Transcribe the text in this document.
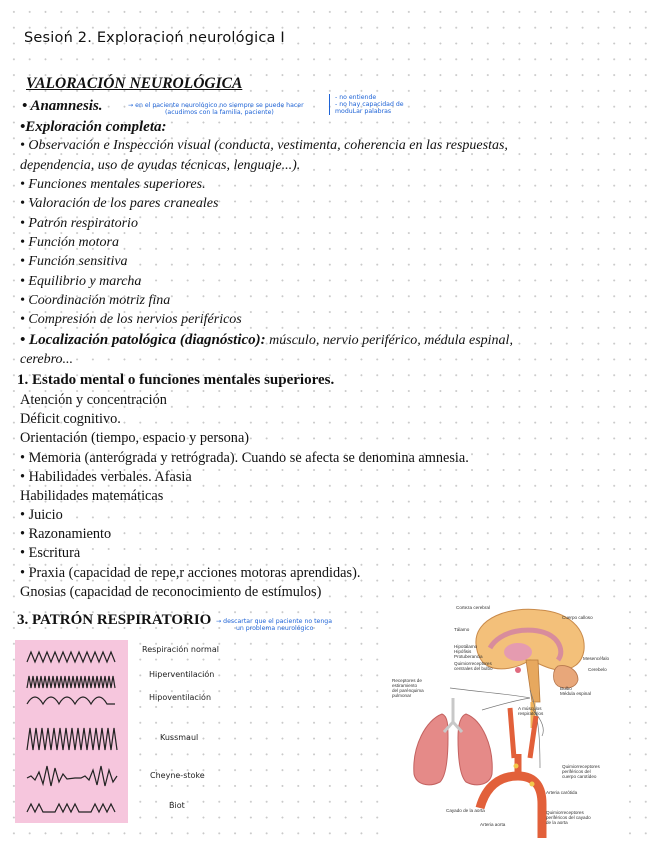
Sesioń 2. Exploracioń neurológica I
VALORACIÓN NEUROLÓGICA
• Anamnesis.	→ en el paciente neurológico no siempre se puede hacer
(acudimos con la familia, paciente)
- no entiende
- no hay capacidad de
moduLar palabras
•Exploración completa:
• Observación e Inspección visual (conducta, vestimenta, coherencia en las respuestas,
dependencia, uso de ayudas técnicas, lenguaje...).
• Funciones mentales superiores.
• Valoración de los pares craneales
• Patrón respiratorio
• Función motora
• Función sensitiva
• Equilibrio y marcha
• Coordinación motriz fina
• Compresión de los nervios periféricos
• Localización patológica (diagnóstico): músculo, nervio periférico, médula espinal,
cerebro...
1. Estado mental o funciones mentales superiores.
Atención y concentración
Déficit cognitivo.
Orientación (tiempo, espacio y persona)
• Memoria (anterógrada y retrógrada). Cuando se afecta se denomina amnesia.
• Habilidades verbales. Afasia
Habilidades matemáticas
• Juicio
• Razonamiento
• Escritura
• Praxia (capacidad de repe,r acciones motoras aprendidas).
Gnosias (capacidad de reconocimiento de estímulos)
3. PATRÓN RESPIRATORIO → descartar que el paciente no tenga
un problema neurológico
Respiración normal
Hiperventilación
Hipoventilación
Kussmaul
Cheyne-stoke
Biot
Corteza cerebral
Cuerpo calloso
Tálamo
Hipotálamo
Hipófisis
Protuberancia
Quimiorreceptores
centrales del bulbo
Mesencéfalo
Cerebelo
Bulbo
Médula espinal
Receptores de
estiramiento
del parénquima
pulmonar
A músculos
respiratorios
Quimiorreceptores
periféricos del
cuerpo carotídeo
Arteria carótida
Cayado de la aorta	Quimiorreceptores
periféricos del cayado
de la aorta
Arteria aorta
